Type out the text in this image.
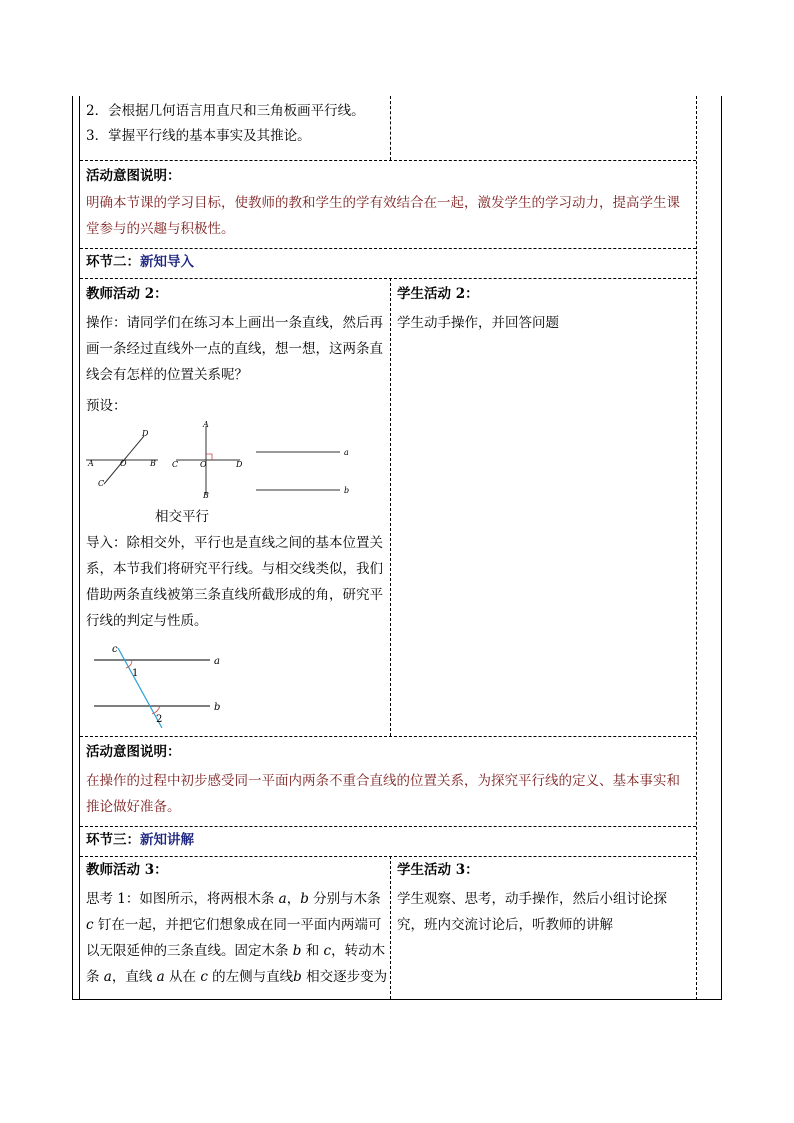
2．会根据几何语言用直尺和三角板画平行线。
3．掌握平行线的基本事实及其推论。
活动意图说明：
明确本节课的学习目标，使教师的教和学生的学有效结合在一起，激发学生的学习动力，提高学生课堂参与的兴趣与积极性。
环节二：新知导入
教师活动 2：
操作：请同学们在练习本上画出一条直线，然后再画一条经过直线外一点的直线，想一想，这两条直线会有怎样的位置关系呢？
预设：
D
A	O	B
C
A
C	O	D
B
a
b
相交平行
导入：除相交外，平行也是直线之间的基本位置关系，本节我们将研究平行线。与相交线类似，我们借助两条直线被第三条直线所截形成的角，研究平行线的判定与性质。
c
a
b
1
2
学生活动 2：
学生动手操作，并回答问题
活动意图说明：
在操作的过程中初步感受同一平面内两条不重合直线的位置关系，为探究平行线的定义、基本事实和推论做好准备。
环节三：新知讲解
教师活动 3：
思考 1：如图所示，将两根木条 a，b 分别与木条c 钉在一起，并把它们想象成在同一平面内两端可以无限延伸的三条直线。固定木条 b 和 c，转动木条 a，直线 a 从在 c 的左侧与直线b 相交逐步变为
学生活动 3：
学生观察、思考，动手操作，然后小组讨论探究，班内交流讨论后，听教师的讲解
